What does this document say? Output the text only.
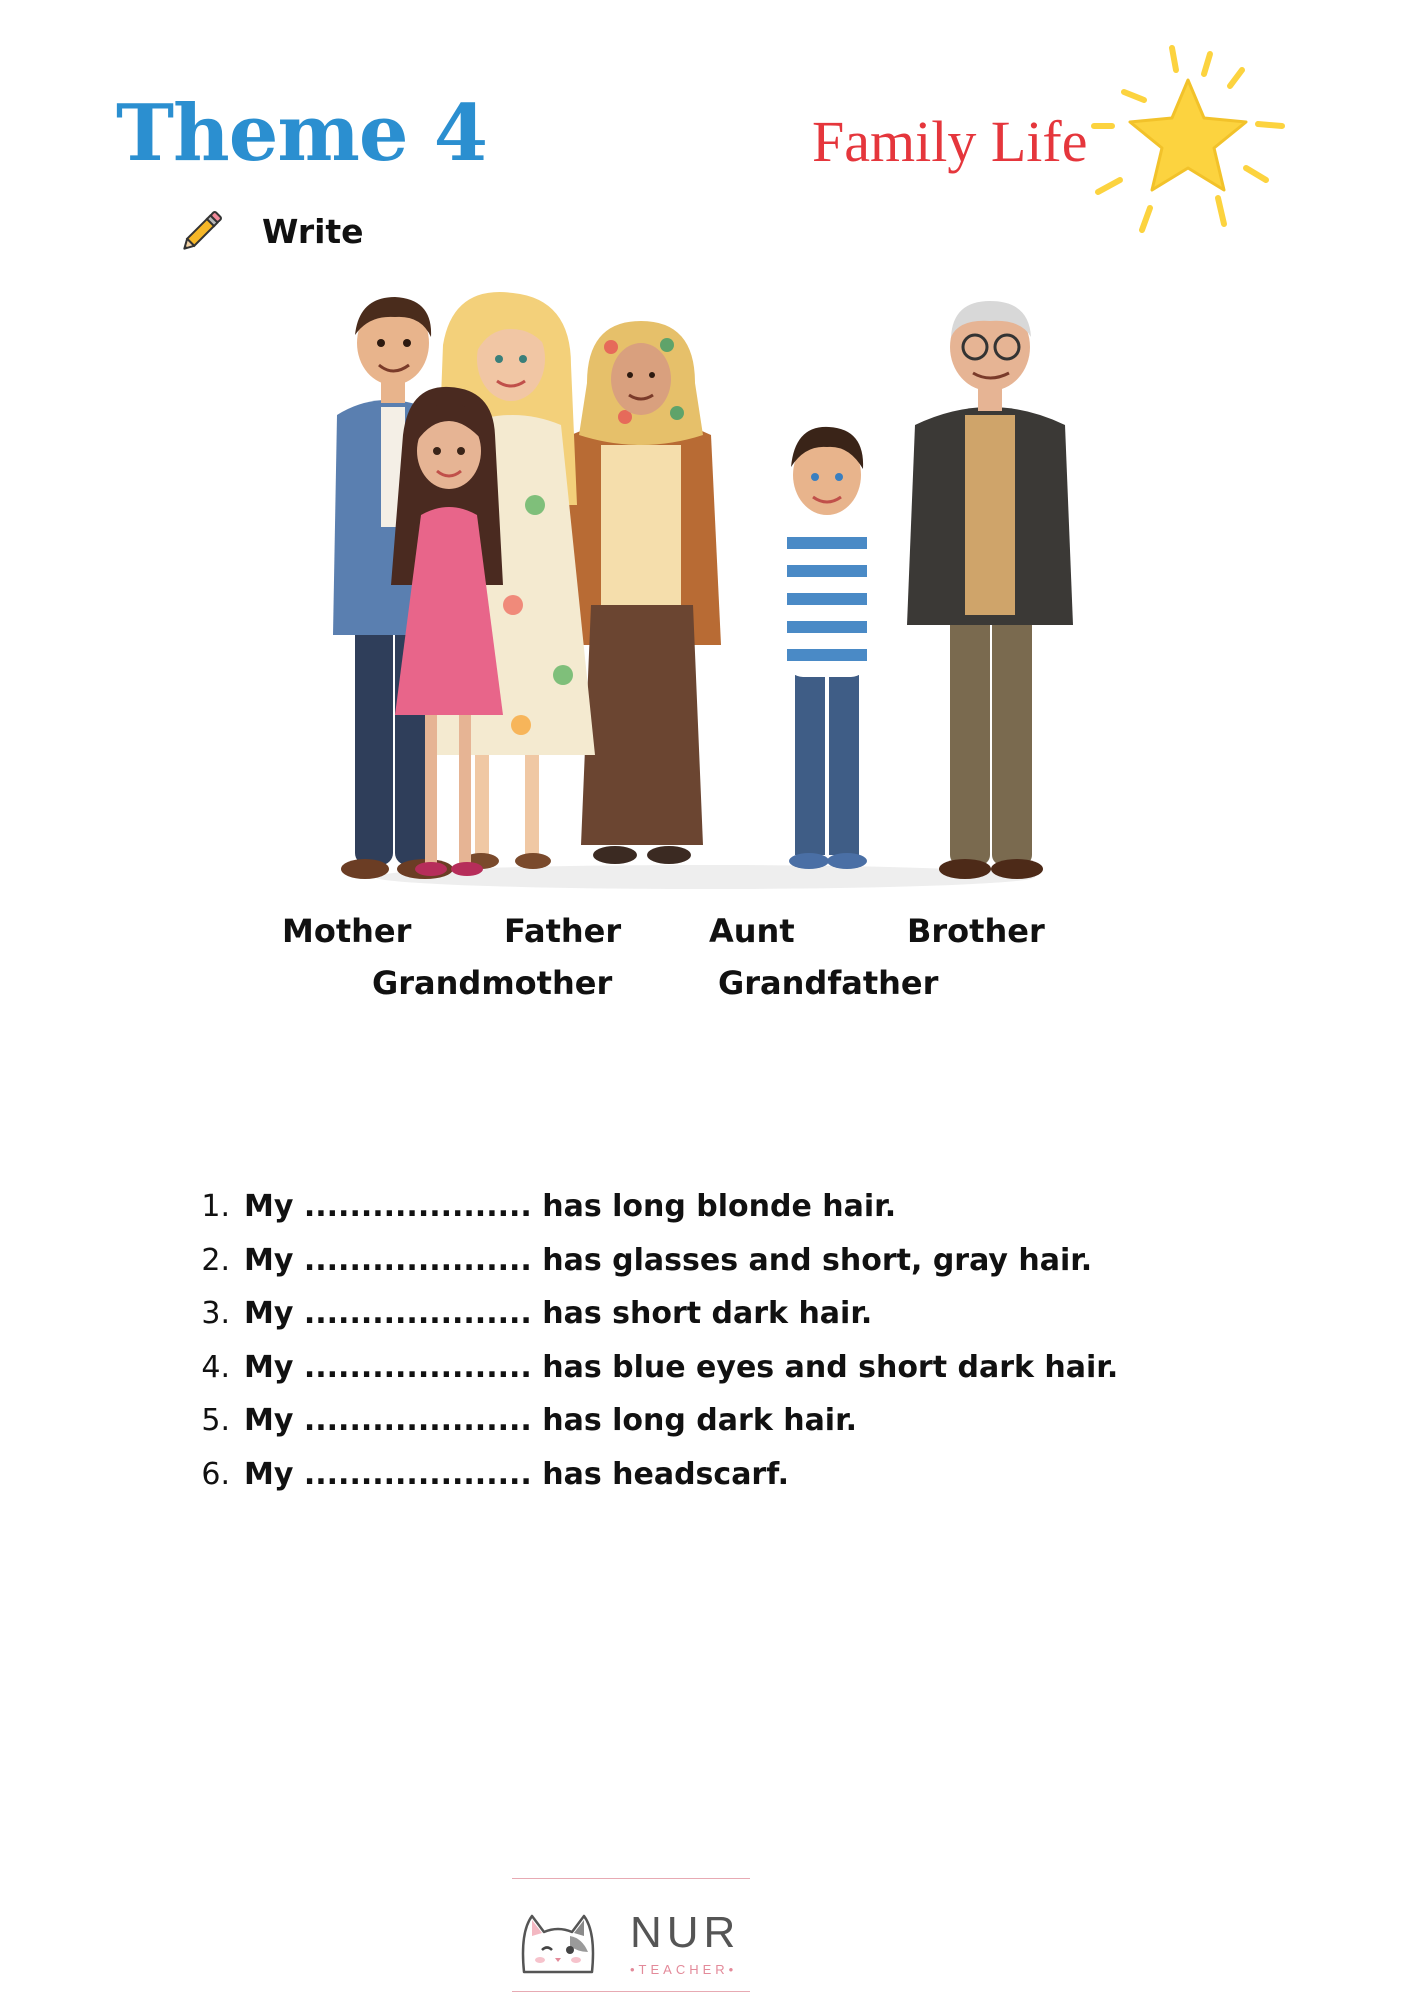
Theme 4	Family Life
Write
Mother	Father	Aunt	Brother
Grandmother	Grandfather
1. My .................... has long blonde hair.
2. My .................... has glasses and short, gray hair.
3. My .................... has short dark hair.
4. My .................... has blue eyes and short dark hair.
5. My .................... has long dark hair.
6. My .................... has headscarf.
NUR
•TEACHER•
